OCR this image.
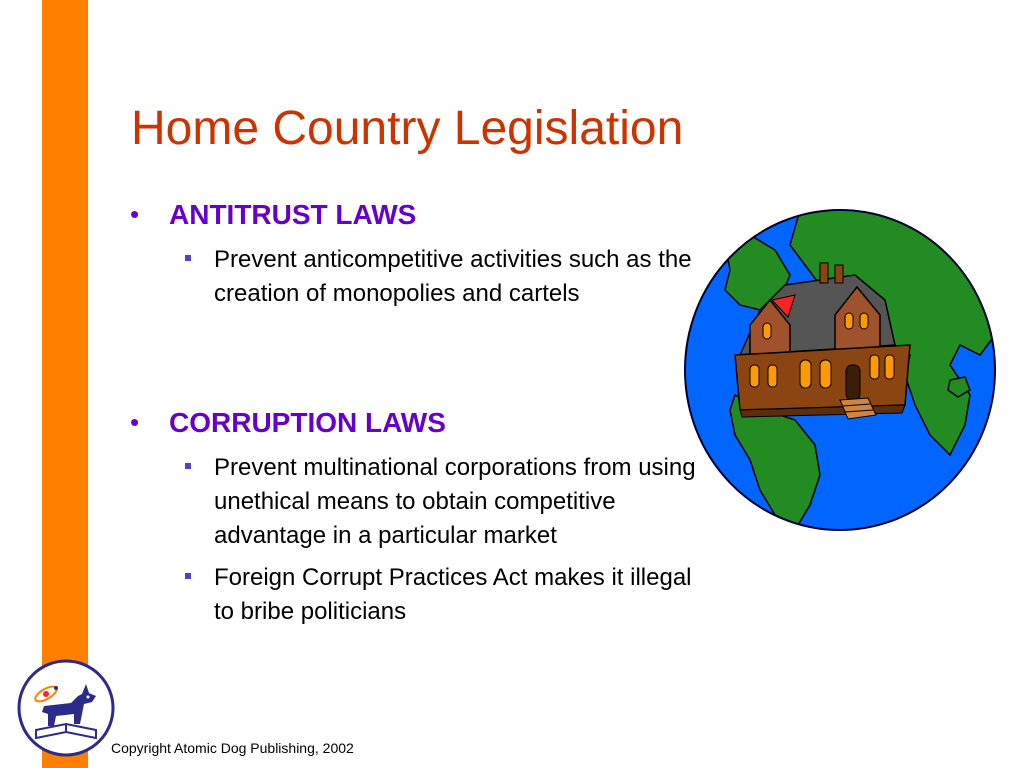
Home Country Legislation
• ANTITRUST LAWS
Prevent anticompetitive activities such as the creation of monopolies and cartels
• CORRUPTION LAWS
Prevent multinational corporations from using unethical means to obtain competitive advantage in a particular market
Foreign Corrupt Practices Act makes it illegal to bribe politicians
Copyright Atomic Dog Publishing, 2002
